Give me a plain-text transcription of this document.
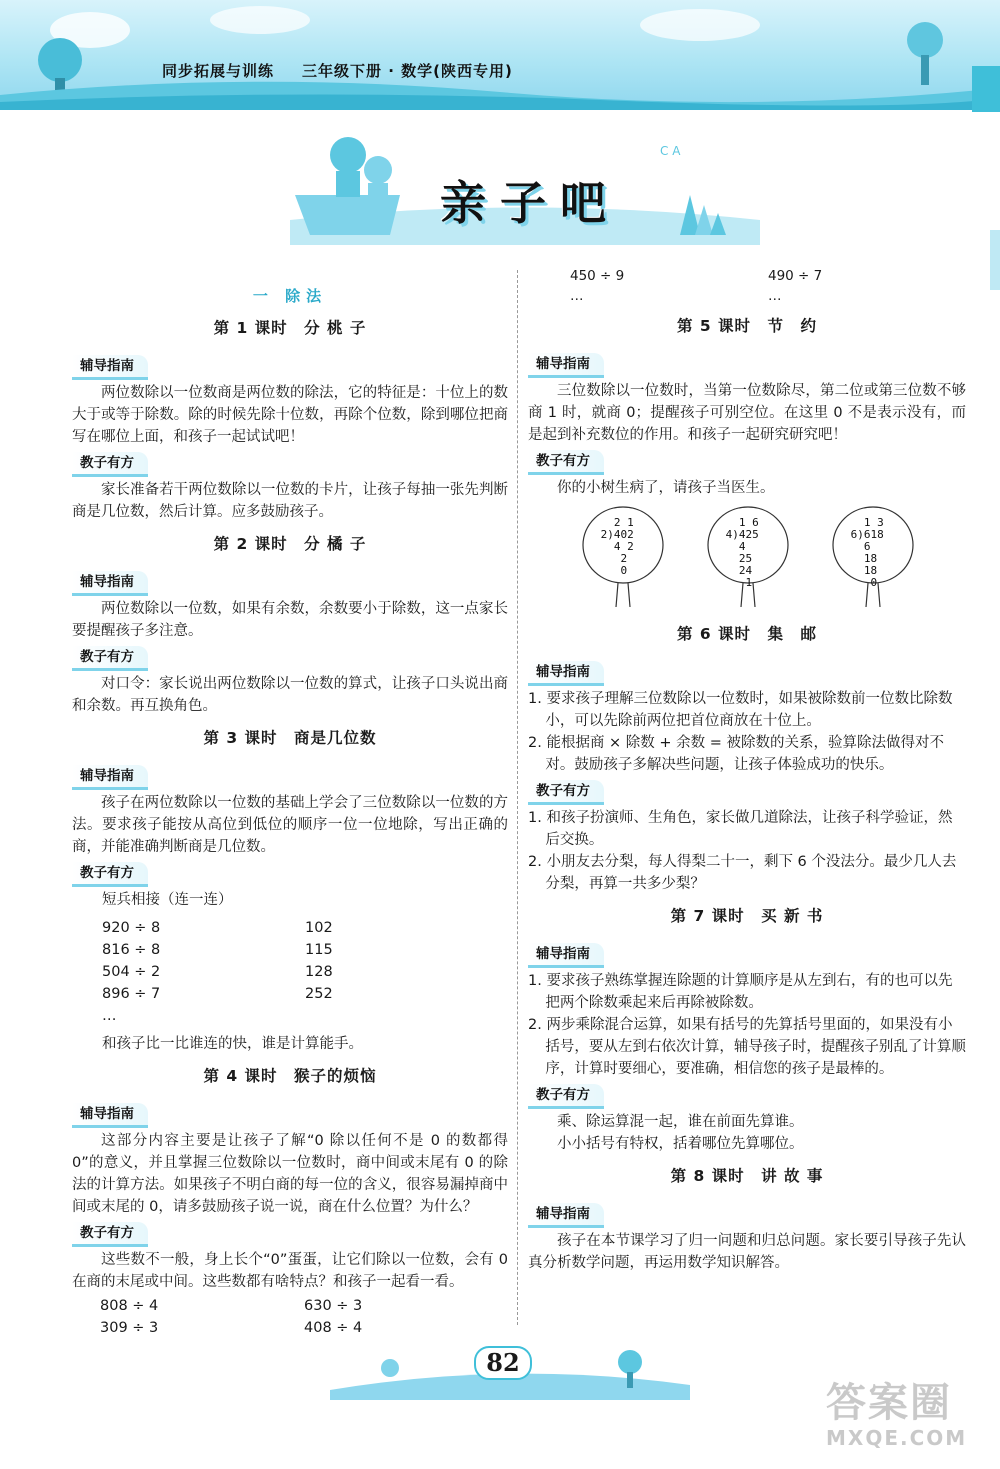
同步拓展与训练 三年级下册 · 数学(陕西专用)
C A
亲子吧
一 除法
第 1 课时　分 桃 子
辅导指南

两位数除以一位数商是两位数的除法，它的特征是：十位上的数大于或等于除数。除的时候先除十位数，再除个位数，除到哪位把商写在哪位上面，和孩子一起试试吧！

教子有方

家长准备若干两位数除以一位数的卡片，让孩子每抽一张先判断商是几位数，然后计算。应多鼓励孩子。

第 2 课时　分 橘 子
辅导指南

两位数除以一位数，如果有余数，余数要小于除数，这一点家长要提醒孩子多注意。

教子有方

对口令：家长说出两位数除以一位数的算式，让孩子口头说出商和余数。再互换角色。

第 3 课时　商是几位数
辅导指南

孩子在两位数除以一位数的基础上学会了三位数除以一位数的方法。要求孩子能按从高位到低位的顺序一位一位地除，写出正确的商，并能准确判断商是几位数。

教子有方

短兵相接（连一连）

920 ÷ 8	102
816 ÷ 8	115
504 ÷ 2	128
896 ÷ 7	252
…

和孩子比一比谁连的快，谁是计算能手。

第 4 课时　猴子的烦恼
辅导指南

这部分内容主要是让孩子了解“0 除以任何不是 0 的数都得 0”的意义，并且掌握三位数除以一位数时，商中间或末尾有 0 的除法的计算方法。如果孩子不明白商的每一位的含义，很容易漏掉商中间或末尾的 0，请多鼓励孩子说一说，商在什么位置？为什么？

教子有方

这些数不一般，身上长个“0”蛋蛋，让它们除以一位数，会有 0 在商的末尾或中间。这些数都有啥特点？和孩子一起看一看。

808 ÷ 4	630 ÷ 3
309 ÷ 3	408 ÷ 4
450 ÷ 9	490 ÷ 7
…	…
第 5 课时　节　约
辅导指南

三位数除以一位数时，当第一位数除尽，第二位或第三位数不够商 1 时，就商 0；提醒孩子可别空位。在这里 0 不是表示没有，而是起到补充数位的作用。和孩子一起研究研究吧！

教子有方

你的小树生病了，请孩子当医生。

2 1
2)402
4 2
2
0
1 6
4)425
4
25
24
1
1 3
6)618
6
18
18
0
第 6 课时　集　邮
辅导指南

1. 要求孩子理解三位数除以一位数时，如果被除数前一位数比除数小，可以先除前两位把首位商放在十位上。

2. 能根据商 × 除数 + 余数 = 被除数的关系，验算除法做得对不对。鼓励孩子多解决些问题，让孩子体验成功的快乐。

教子有方

1. 和孩子扮演师、生角色，家长做几道除法，让孩子科学验证，然后交换。

2. 小朋友去分梨，每人得梨二十一，剩下 6 个没法分。最少几人去分梨，再算一共多少梨？

第 7 课时　买 新 书
辅导指南

1. 要求孩子熟练掌握连除题的计算顺序是从左到右，有的也可以先把两个除数乘起来后再除被除数。

2. 两步乘除混合运算，如果有括号的先算括号里面的，如果没有小括号，要从左到右依次计算，辅导孩子时，提醒孩子别乱了计算顺序，计算时要细心，要准确，相信您的孩子是最棒的。

教子有方

乘、除运算混一起，谁在前面先算谁。

小小括号有特权，括着哪位先算哪位。

第 8 课时　讲 故 事
辅导指南

孩子在本节课学习了归一问题和归总问题。家长要引导孩子先认真分析数学问题，再运用数学知识解答。

82
答案圈
MXQE.COM
